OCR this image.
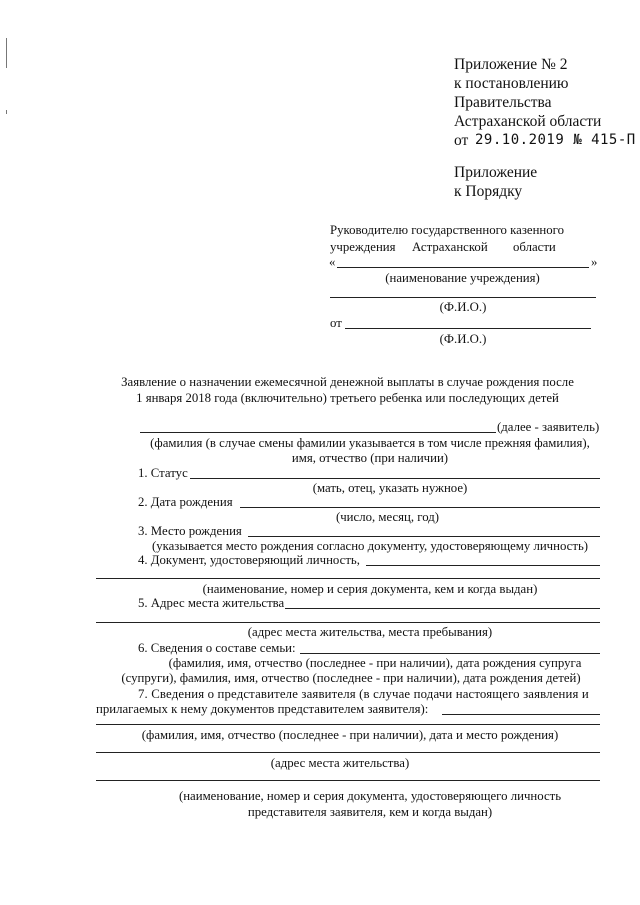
Приложение № 2
к постановлению
Правительства
Астраханской области
от 29.10.2019 № 415-П
Приложение
к Порядку
Руководителю государственного казенного
учреждения Астраханской области
«	»
(наименование учреждения)
(Ф.И.О.)
от
(Ф.И.О.)
Заявление о назначении ежемесячной денежной выплаты в случае рождения после
1 января 2018 года (включительно) третьего ребенка или последующих детей
(далее - заявитель)
(фамилия (в случае смены фамилии указывается в том числе прежняя фамилия),
имя, отчество (при наличии)
1. Статус
(мать, отец, указать нужное)
2. Дата рождения
(число, месяц, год)
3. Место рождения
(указывается место рождения согласно документу, удостоверяющему личность)
4. Документ, удостоверяющий личность,
(наименование, номер и серия документа, кем и когда выдан)
5. Адрес места жительства
(адрес места жительства, места пребывания)
6. Сведения о составе семьи:
(фамилия, имя, отчество (последнее - при наличии), дата рождения супруга
(супруги), фамилия, имя, отчество (последнее - при наличии), дата рождения детей)
7. Сведения о представителе заявителя (в случае подачи настоящего заявления и
прилагаемых к нему документов представителем заявителя):
(фамилия, имя, отчество (последнее - при наличии), дата и место рождения)
(адрес места жительства)
(наименование, номер и серия документа, удостоверяющего личность
представителя заявителя, кем и когда выдан)
